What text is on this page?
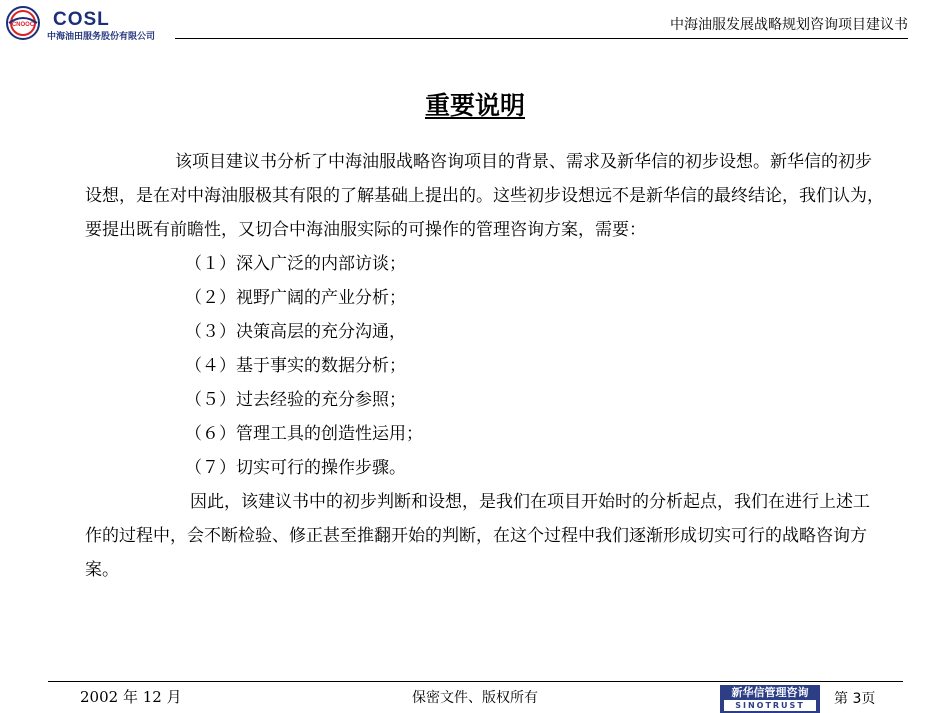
CNOOC COSL
中海油田服务股份有限公司
中海油服发展战略规划咨询项目建议书
重要说明

该项目建议书分析了中海油服战略咨询项目的背景、需求及新华信的初步设想。新华信的初步设想，是在对中海油服极其有限的了解基础上提出的。这些初步设想远不是新华信的最终结论，我们认为，要提出既有前瞻性，又切合中海油服实际的可操作的管理咨询方案，需要：

（１）深入广泛的内部访谈；

（２）视野广阔的产业分析；

（３）决策高层的充分沟通，

（４）基于事实的数据分析；

（５）过去经验的充分参照；

（６）管理工具的创造性运用；

（７）切实可行的操作步骤。

因此，该建议书中的初步判断和设想，是我们在项目开始时的分析起点，我们在进行上述工作的过程中，会不断检验、修正甚至推翻开始的判断，在这个过程中我们逐渐形成切实可行的战略咨询方案。

2002 年 12 月	保密文件、版权所有	新华信管理咨询
SINOTRUST	第 3页
